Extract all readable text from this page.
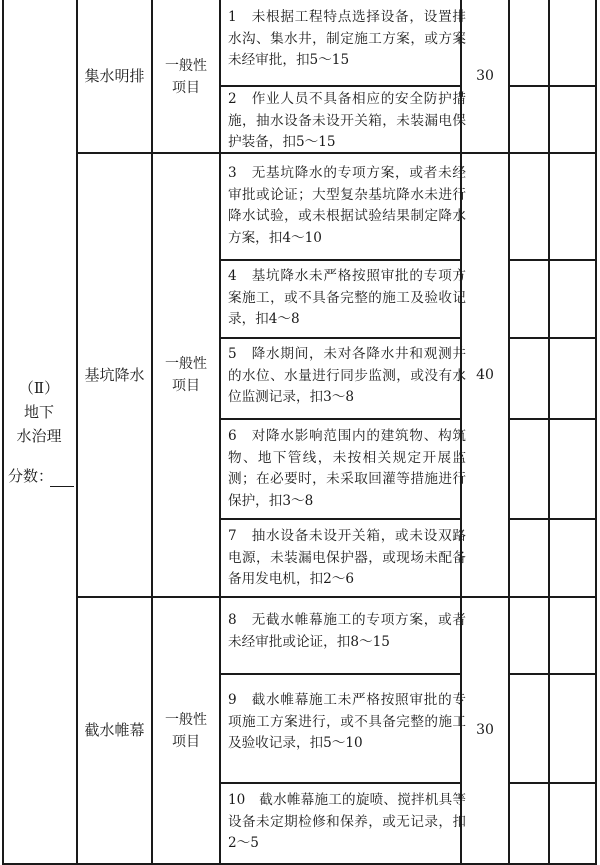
（Ⅱ）
地下
水治理
分数：
集水明排
一般性
项目
30
1　未根据工程特点选择设备，设置排水沟、集水井，制定施工方案，或方案未经审批，扣5～15
2　作业人员不具备相应的安全防护措施，抽水设备未设开关箱，未装漏电保护装备，扣5～15
基坑降水
一般性
项目
40
3　无基坑降水的专项方案，或者未经审批或论证；大型复杂基坑降水未进行降水试验，或未根据试验结果制定降水方案，扣4～10
4　基坑降水未严格按照审批的专项方案施工，或不具备完整的施工及验收记录，扣4～8
5　降水期间，未对各降水井和观测井的水位、水量进行同步监测，或没有水位监测记录，扣3～8
6　对降水影响范围内的建筑物、构筑物、地下管线，未按相关规定开展监测；在必要时，未采取回灌等措施进行保护，扣3～8
7　抽水设备未设开关箱，或未设双路电源，未装漏电保护器，或现场未配备备用发电机，扣2～6
截水帷幕
一般性
项目
30
8　无截水帷幕施工的专项方案，或者未经审批或论证，扣8～15
9　截水帷幕施工未严格按照审批的专项施工方案进行，或不具备完整的施工及验收记录，扣5～10
10　截水帷幕施工的旋喷、搅拌机具等设备未定期检修和保养，或无记录，扣2～5
